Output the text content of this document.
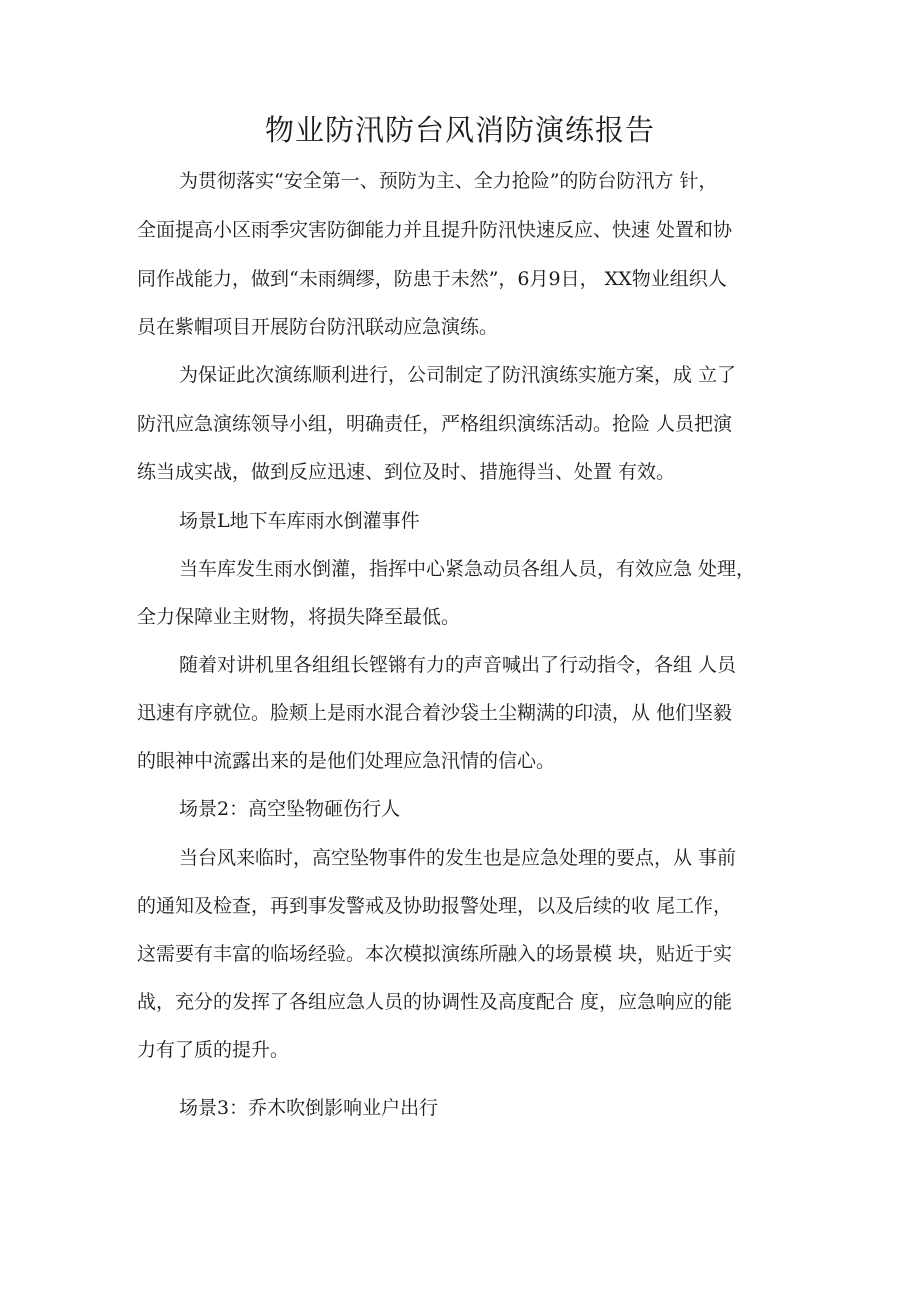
物业防汛防台风消防演练报告

为贯彻落实“安全第一、预防为主、全力抢险”的防台防汛方 针，

全面提高小区雨季灾害防御能力并且提升防汛快速反应、快速 处置和协

同作战能力，做到“未雨绸缪，防患于未然”，6月9日， XX物业组织人

员在紫帽项目开展防台防汛联动应急演练。

为保证此次演练顺利进行，公司制定了防汛演练实施方案，成 立了

防汛应急演练领导小组，明确责任，严格组织演练活动。抢险 人员把演

练当成实战，做到反应迅速、到位及时、措施得当、处置 有效。

场景L地下车库雨水倒灌事件

当车库发生雨水倒灌，指挥中心紧急动员各组人员，有效应急 处理，

全力保障业主财物，将损失降至最低。

随着对讲机里各组组长铿锵有力的声音喊出了行动指令，各组 人员

迅速有序就位。脸颊上是雨水混合着沙袋土尘糊满的印渍，从 他们坚毅

的眼神中流露出来的是他们处理应急汛情的信心。

场景2：高空坠物砸伤行人

当台风来临时，高空坠物事件的发生也是应急处理的要点，从 事前

的通知及检查，再到事发警戒及协助报警处理，以及后续的收 尾工作，

这需要有丰富的临场经验。本次模拟演练所融入的场景模 块，贴近于实

战，充分的发挥了各组应急人员的协调性及高度配合 度，应急响应的能

力有了质的提升。

场景3：乔木吹倒影响业户出行
